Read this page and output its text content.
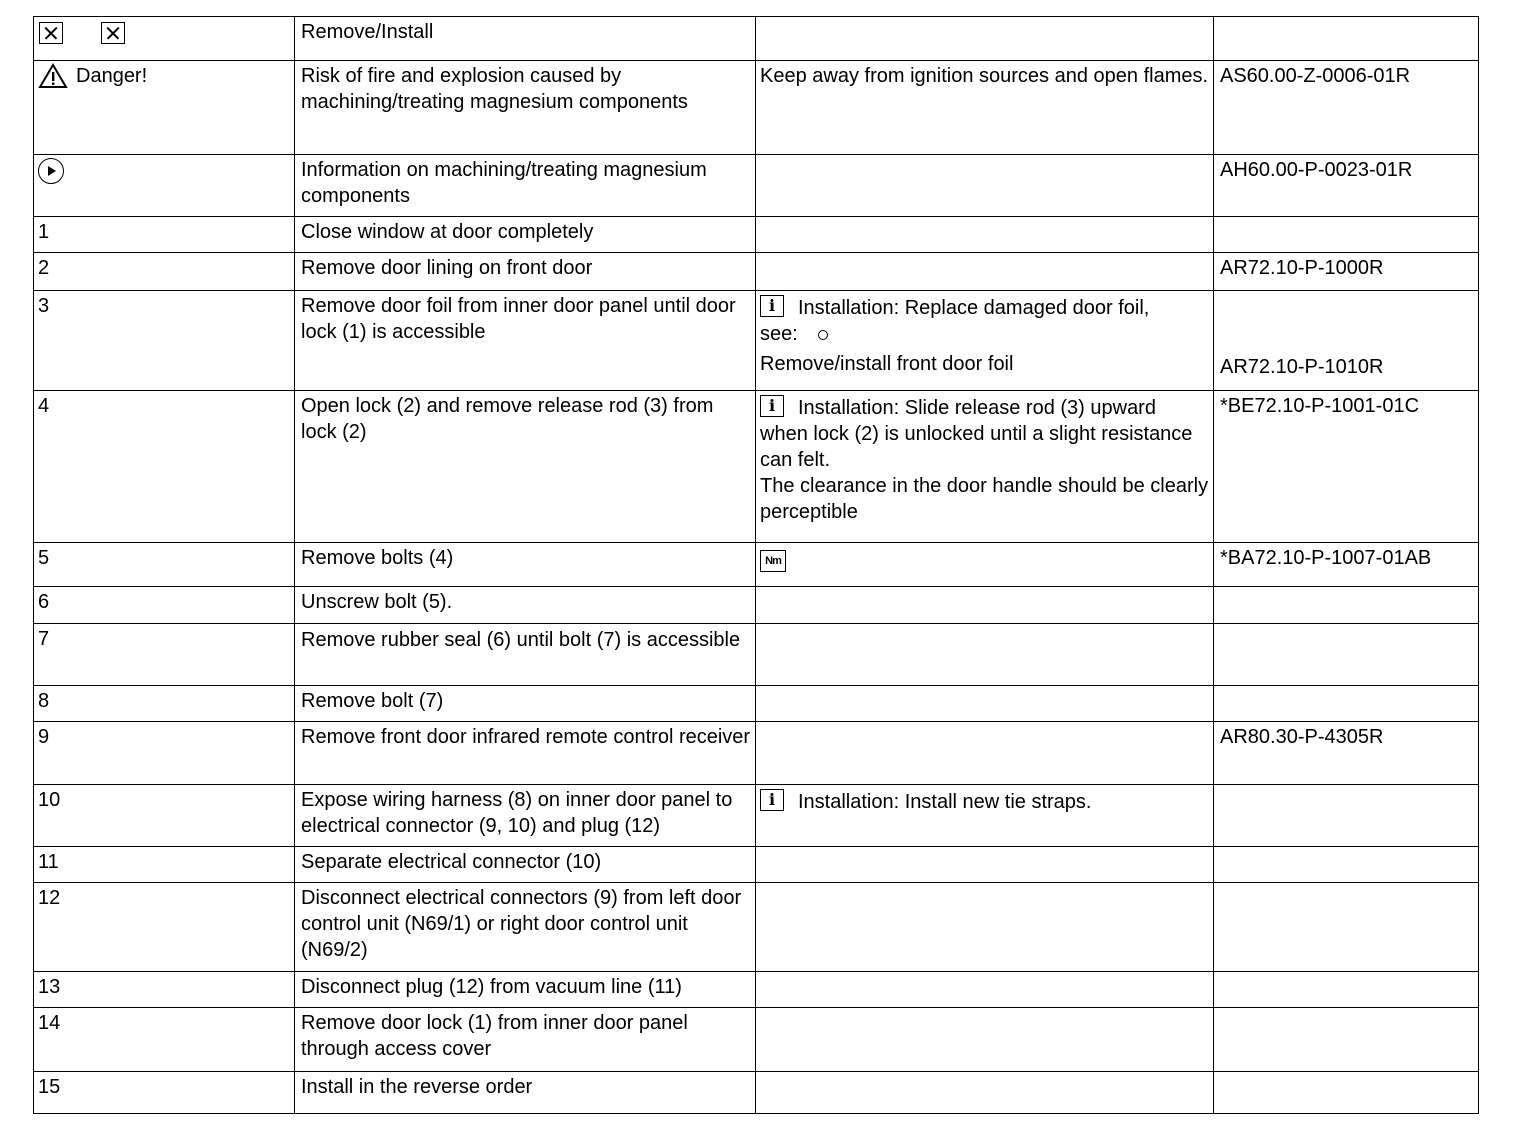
	Remove/Install		

Danger!	Risk of fire and explosion caused by machining/treating magnesium components	Keep away from ignition sources and open flames.	AS60.00-Z-0006-01R
	Information on machining/treating magnesium components		AH60.00-P-0023-01R
1	Close window at door completely		
2	Remove door lining on front door		AR72.10-P-1000R
3	Remove door foil from inner door panel until door lock (1) is accessible	i Installation: Replace damaged door foil,
see:
Remove/install front door foil	AR72.10-P-1010R
4	Open lock (2) and remove release rod (3) from lock (2)	i Installation: Slide release rod (3) upward
when lock (2) is unlocked until a slight resistance can felt.
The clearance in the door handle should be clearly perceptible	*BE72.10-P-1001-01C
5	Remove bolts (4)	Nm	*BA72.10-P-1007-01AB
6	Unscrew bolt (5).		
7	Remove rubber seal (6) until bolt (7) is accessible		
8	Remove bolt (7)		
9	Remove front door infrared remote control receiver		AR80.30-P-4305R
10	Expose wiring harness (8) on inner door panel to electrical connector (9, 10) and plug (12)	i Installation: Install new tie straps.	

11	Separate electrical connector (10)		
12	Disconnect electrical connectors (9) from left door control unit (N69/1) or right door control unit (N69/2)		
13	Disconnect plug (12) from vacuum line (11)		
14	Remove door lock (1) from inner door panel through access cover		
15	Install in the reverse order		
